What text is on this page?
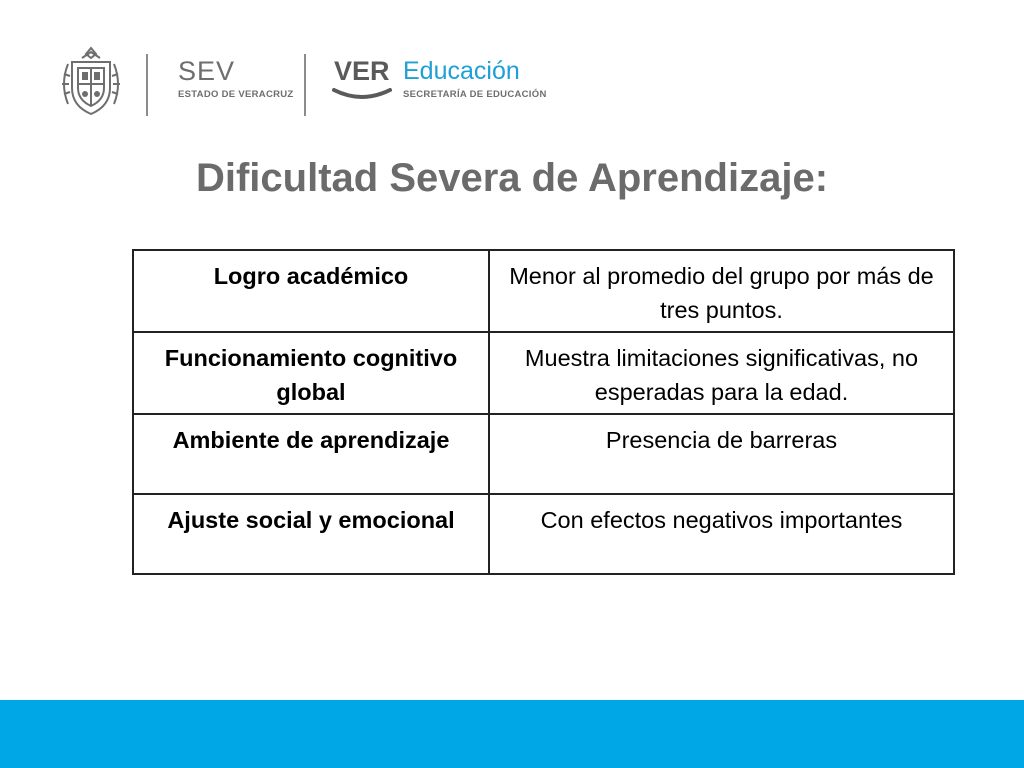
SEV
ESTADO DE VERACRUZ
VER Educación
SECRETARÍA DE EDUCACIÓN
Dificultad Severa de Aprendizaje:
Logro académico	Menor al promedio del grupo por más de tres puntos.
Funcionamiento cognitivo global	Muestra limitaciones significativas, no esperadas para la edad.
Ambiente de aprendizaje	Presencia de barreras
Ajuste social y emocional	Con efectos negativos importantes
